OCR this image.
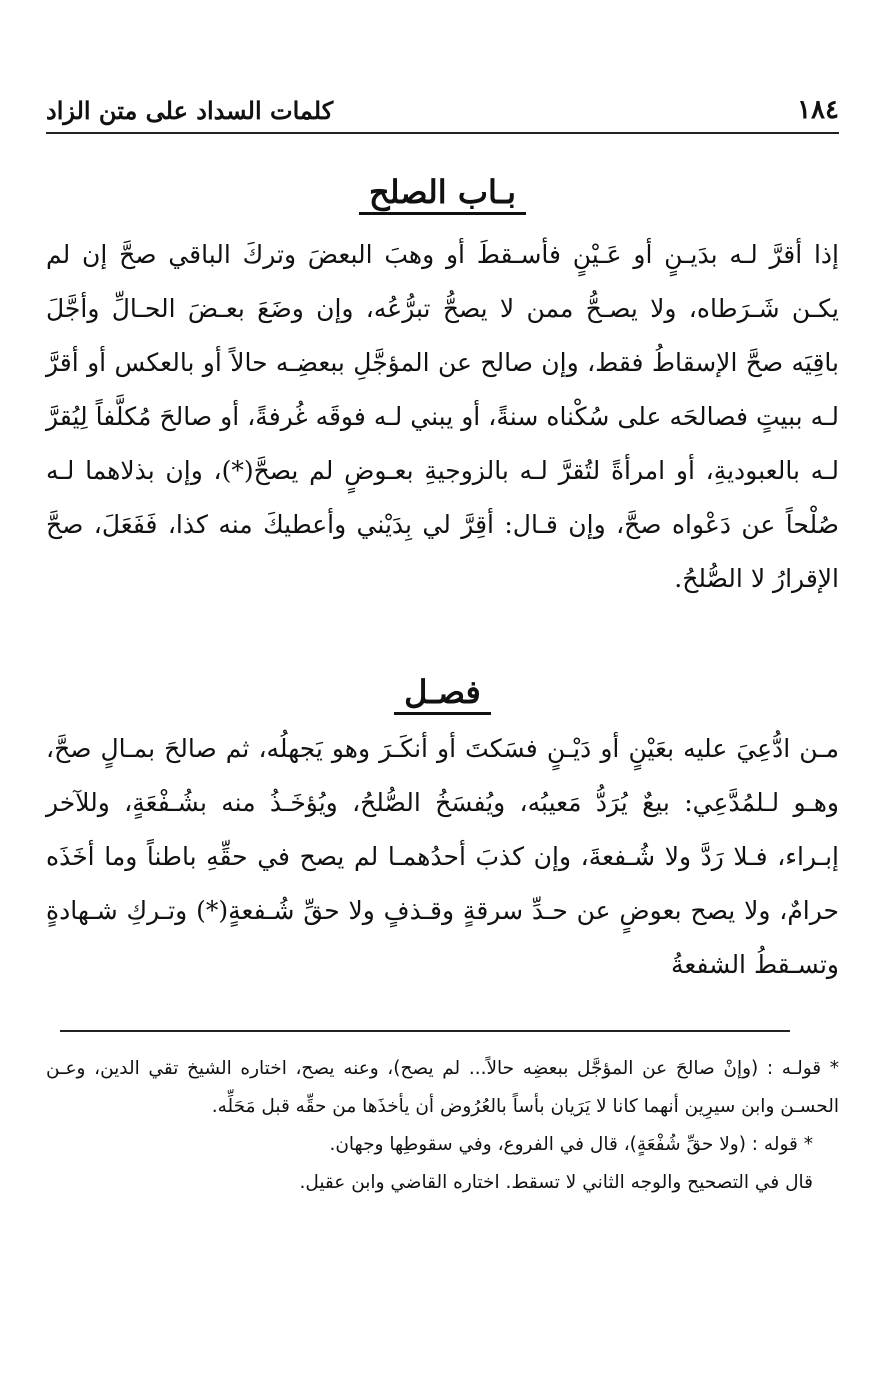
١٨٤
كلمات السداد على متن الزاد
بـاب الصلح

إذا أقرَّ لـه بدَيـنٍ أو عَـيْنٍ فأسـقطَ أو وهبَ البعضَ وتركَ الباقي صحَّ إن لم يكـن شَـرَطاه، ولا يصـحُّ ممن لا يصحُّ تبرُّعُه، وإن وضَعَ بعـضَ الحـالِّ وأجَّلَ باقِيَه صحَّ الإسقاطُ فقط، وإن صالح عن المؤجَّلِ ببعضِـه حالاً أو بالعكس أو أقرَّ لـه ببيتٍ فصالحَه على سُكْناه سنةً، أو يبني لـه فوقَه غُرفةً، أو صالحَ مُكلَّفاً لِيُقرَّ لـه بالعبوديةِ، أو امرأةً لتُقرَّ لـه بالزوجيةِ بعـوضٍ لم يصحَّ(*)، وإن بذلاهما لـه صُلْحاً عن دَعْواه صحَّ، وإن قـال: أقِرَّ لي بِدَيْني وأعطيكَ منه كذا، فَفَعَلَ، صحَّ الإقرارُ لا الصُّلحُ.

فصـل

مـن ادُّعِيَ عليه بعَيْنٍ أو دَيْـنٍ فسَكتَ أو أنكَـرَ وهو يَجهلُه، ثم صالحَ بمـالٍ صحَّ، وهـو لـلمُدَّعِي: بيعٌ يُرَدُّ مَعيبُه، ويُفسَخُ الصُّلحُ، ويُؤخَـذُ منه بشُـفْعَةٍ، وللآخر إبـراء، فـلا رَدَّ ولا شُـفعةَ، وإن كذبَ أحدُهمـا لم يصح في حقِّهِ باطناً وما أخَذَه حرامٌ، ولا يصح بعوضٍ عن حـدِّ سرقةٍ وقـذفٍ ولا حقِّ شُـفعةٍ(*) وتـركِ شـهادةٍ وتسـقطُ الشفعةُ

* قولـه : (وإنْ صالحَ عن المؤجَّل ببعضِه حالاً... لم يصح)، وعنه يصح، اختاره الشيخ تقي الدين، وعـن الحسـن وابن سيرِين أنهما كانا لا يَرَيان بأساً بالعُرُوض أن يأخذَها من حقِّه قبل مَحَلِّه.

* قوله : (ولا حقِّ شُفْعَةٍ)، قال في الفروع، وفي سقوطِها وجهان.

قال في التصحيح والوجه الثاني لا تسقط. اختاره القاضي وابن عقيل.
